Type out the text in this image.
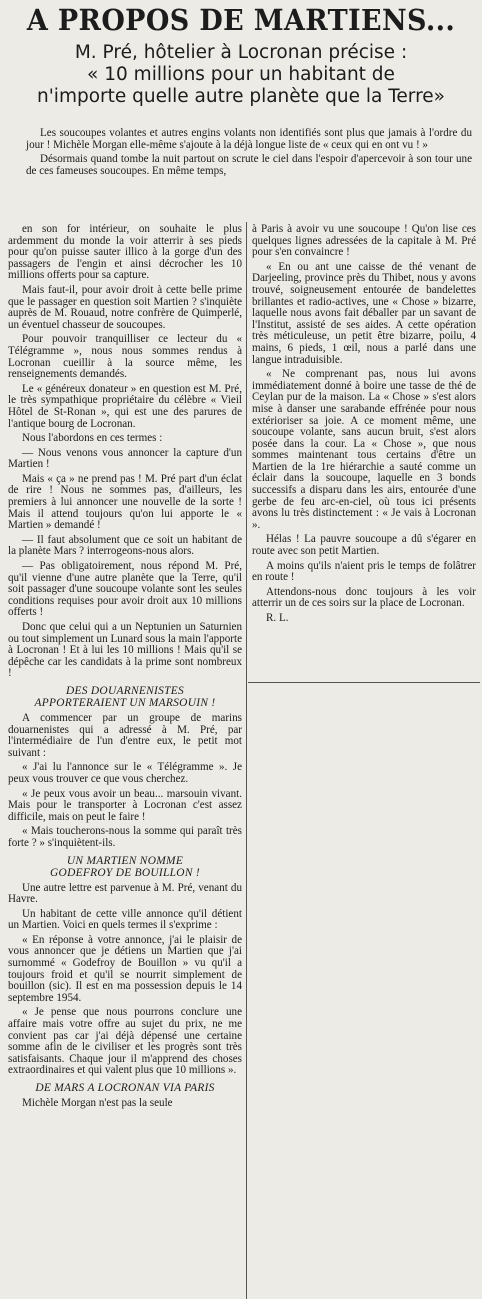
A PROPOS DE MARTIENS...
M. Pré, hôtelier à Locronan précise :
« 10 millions pour un habitant de
n'importe quelle autre planète que la Terre»

Les soucoupes volantes et autres engins volants non identifiés sont plus que jamais à l'ordre du jour ! Michèle Morgan elle-même s'ajoute à la déjà longue liste de « ceux qui en ont vu ! »

Désormais quand tombe la nuit partout on scrute le ciel dans l'espoir d'apercevoir à son tour une de ces fameuses soucoupes. En même temps,

en son for intérieur, on souhaite le plus ardemment du monde la voir atterrir à ses pieds pour qu'on puisse sauter illico à la gorge d'un des passagers de l'engin et ainsi décrocher les 10 millions offerts pour sa capture.

Mais faut-il, pour avoir droit à cette belle prime que le passager en question soit Martien ? s'inquiète auprès de M. Rouaud, notre confrère de Quimperlé, un éventuel chasseur de soucoupes.

Pour pouvoir tranquilliser ce lecteur du « Télégramme », nous nous sommes rendus à Locronan cueillir à la source même, les renseignements demandés.

Le « généreux donateur » en question est M. Pré, le très sympathique propriétaire du célèbre « Vieil Hôtel de St-Ronan », qui est une des parures de l'antique bourg de Locronan.

Nous l'abordons en ces termes :

— Nous venons vous annoncer la capture d'un Martien !

Mais « ça » ne prend pas ! M. Pré part d'un éclat de rire ! Nous ne sommes pas, d'ailleurs, les premiers à lui annoncer une nouvelle de la sorte ! Mais il attend toujours qu'on lui apporte le « Martien » demandé !

— Il faut absolument que ce soit un habitant de la planète Mars ? interrogeons-nous alors.

— Pas obligatoirement, nous répond M. Pré, qu'il vienne d'une autre planète que la Terre, qu'il soit passager d'une soucoupe volante sont les seules conditions requises pour avoir droit aux 10 millions offerts !

Donc que celui qui a un Neptunien un Saturnien ou tout simplement un Lunard sous la main l'apporte à Locronan ! Et à lui les 10 millions ! Mais qu'il se dépêche car les candidats à la prime sont nombreux !

DES DOUARNENISTES
APPORTERAIENT UN MARSOUIN !

A commencer par un groupe de marins douarnenistes qui a adressé à M. Pré, par l'intermédiaire de l'un d'entre eux, le petit mot suivant :

« J'ai lu l'annonce sur le « Télégramme ». Je peux vous trouver ce que vous cherchez.

« Je peux vous avoir un beau... marsouin vivant. Mais pour le transporter à Locronan c'est assez difficile, mais on peut le faire !

« Mais toucherons-nous la somme qui paraît très forte ? » s'inquiètent-ils.

UN MARTIEN NOMME
GODEFROY DE BOUILLON !

Une autre lettre est parvenue à M. Pré, venant du Havre.

Un habitant de cette ville annonce qu'il détient un Martien. Voici en quels termes il s'exprime :

« En réponse à votre annonce, j'ai le plaisir de vous annoncer que je détiens un Martien que j'ai surnommé « Godefroy de Bouillon » vu qu'il a toujours froid et qu'il se nourrit simplement de bouillon (sic). Il est en ma possession depuis le 14 septembre 1954.

« Je pense que nous pourrons conclure une affaire mais votre offre au sujet du prix, ne me convient pas car j'ai déjà dépensé une certaine somme afin de le civiliser et les progrès sont très satisfaisants. Chaque jour il m'apprend des choses extraordinaires et qui valent plus que 10 millions ».

DE MARS A LOCRONAN VIA PARIS

Michèle Morgan n'est pas la seule

à Paris à avoir vu une soucoupe ! Qu'on lise ces quelques lignes adressées de la capitale à M. Pré pour s'en convaincre !

« En ou ant une caisse de thé venant de Darjeeling, province près du Thibet, nous y avons trouvé, soigneusement entourée de bandelettes brillantes et radio-actives, une « Chose » bizarre, laquelle nous avons fait déballer par un savant de l'Institut, assisté de ses aides. A cette opération très méticuleuse, un petit être bizarre, poilu, 4 mains, 6 pieds, 1 œil, nous a parlé dans une langue intraduisible.

« Ne comprenant pas, nous lui avons immédiatement donné à boire une tasse de thé de Ceylan pur de la maison. La « Chose » s'est alors mise à danser une sarabande effrénée pour nous extérioriser sa joie. A ce moment même, une soucoupe volante, sans aucun bruit, s'est alors posée dans la cour. La « Chose », que nous sommes maintenant tous certains d'être un Martien de la 1re hiérarchie a sauté comme un éclair dans la soucoupe, laquelle en 3 bonds successifs a disparu dans les airs, entourée d'une gerbe de feu arc-en-ciel, où tous ici présents avons lu très distinctement : « Je vais à Locronan ».

Hélas ! La pauvre soucoupe a dû s'égarer en route avec son petit Martien.

A moins qu'ils n'aient pris le temps de folâtrer en route !

Attendons-nous donc toujours à les voir atterrir un de ces soirs sur la place de Locronan.

R. L.
